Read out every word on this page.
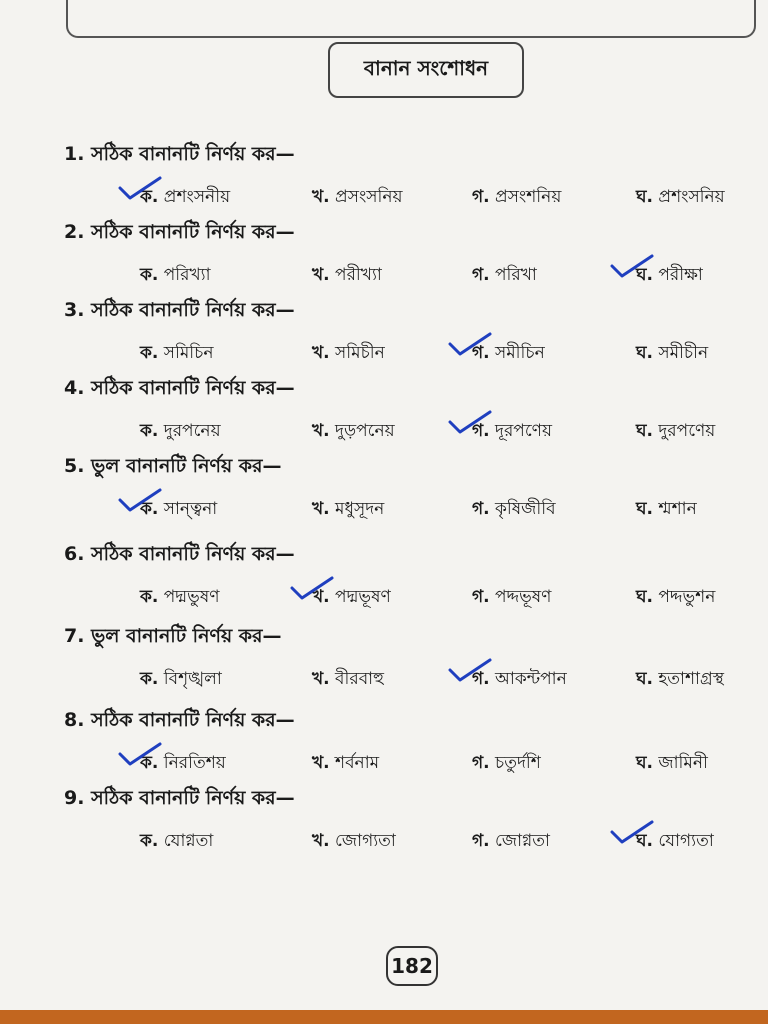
বানান সংশোধন
1. সঠিক বানানটি নির্ণয় কর—
ক. প্রশংসনীয়	খ. প্রসংসনিয়	গ. প্রসংশনিয়	ঘ. প্রশংসনিয়
2. সঠিক বানানটি নির্ণয় কর—
ক. পরিখ্যা	খ. পরীখ্যা	গ. পরিখা	ঘ. পরীক্ষা
3. সঠিক বানানটি নির্ণয় কর—
ক. সমিচিন	খ. সমিচীন	গ. সমীচিন	ঘ. সমীচীন
4. সঠিক বানানটি নির্ণয় কর—
ক. দুরপনেয়	খ. দুড়পনেয়	গ. দূরপণেয়	ঘ. দুরপণেয়
5. ভুল বানানটি নির্ণয় কর—
ক. সান্ত্বনা	খ. মধুসূদন	গ. কৃষিজীবি	ঘ. শ্মশান
6. সঠিক বানানটি নির্ণয় কর—
ক. পদ্মভুষণ	খ. পদ্মভূষণ	গ. পদ্দভূষণ	ঘ. পদ্দভুশন
7. ভুল বানানটি নির্ণয় কর—
ক. বিশৃঙ্খলা	খ. বীরবাহু	গ. আকন্টপান	ঘ. হতাশাগ্রস্থ
8. সঠিক বানানটি নির্ণয় কর—
ক. নিরতিশয়	খ. শর্বনাম	গ. চতুর্দশি	ঘ. জামিনী
9. সঠিক বানানটি নির্ণয় কর—
ক. যোগ্নতা	খ. জোগ্যতা	গ. জোগ্নতা	ঘ. যোগ্যতা
182
